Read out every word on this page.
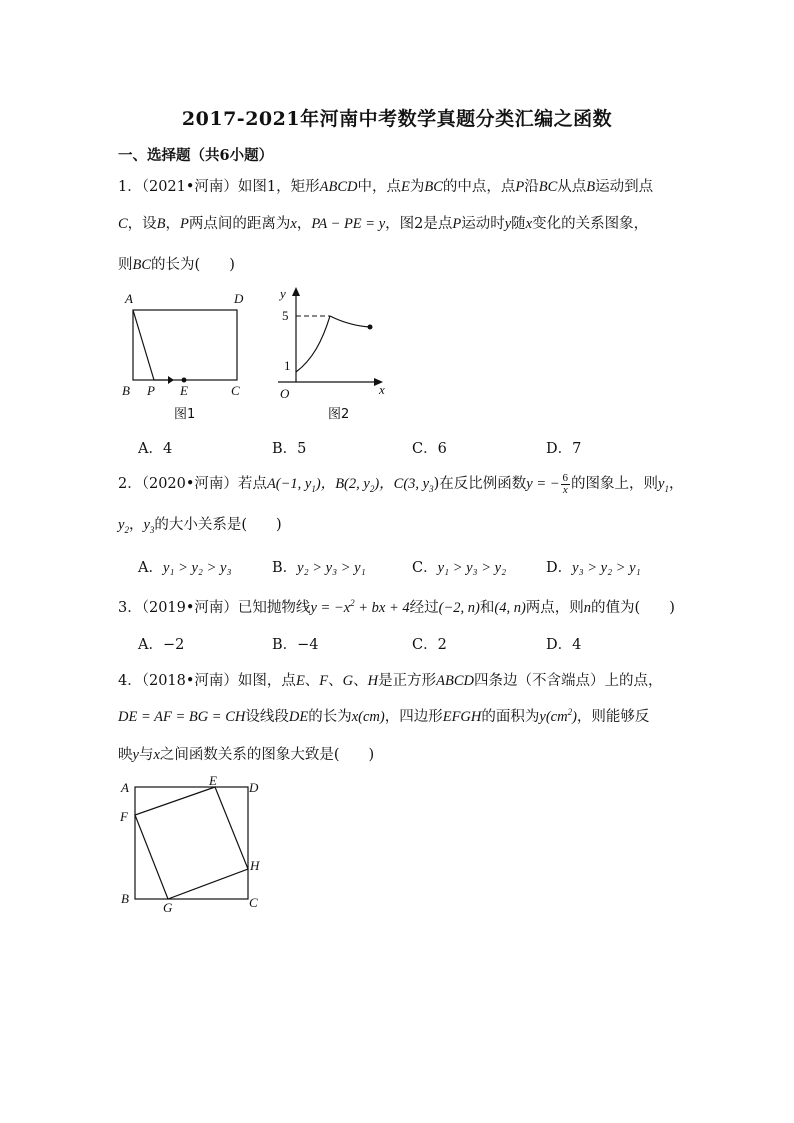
2017-2021年河南中考数学真题分类汇编之函数
一、选择题（共6小题）
1．（2021•河南）如图1，矩形ABCD中，点E为BC的中点，点P沿BC从点B运动到点
C，设B，P两点间的距离为x，PA − PE = y，图2是点P运动时y随x变化的关系图象，
则BC的长为(　　)
A	D
B P E	C
图1
y
5
1
O	x
图2
A．4	B．5	C．6	D．7
2．（2020•河南）若点A(−1, $y_1$)，B(2, $y_2$)，C(3, $y_3$)在反比例函数y = − $\frac{6}{x}$ 的图象上，则$y_1$，
$y_2$，$y_3$的大小关系是(　　)
A．y₁ > y₂ > y₃	B．y₂ > y₃ > y₁	C．y₁ > y₃ > y₂	D．y₃ > y₂ > y₁
3．（2019•河南）已知抛物线$y = -x^2$ + bx + 4经过(−2, n)和(4, n)两点，则n的值为(　　)
A．−2	B．−4	C．2	D．4
4．（2018•河南）如图，点E、F、G、H是正方形ABCD四条边（不含端点）上的点，
DE = AF = BG = CH设线段DE的长为x(cm)，四边形EFGH的面积为$y(cm^2)$，则能够反
映y与x之间函数关系的图象大致是(　　)
A	E D
F
H
B
G	C
